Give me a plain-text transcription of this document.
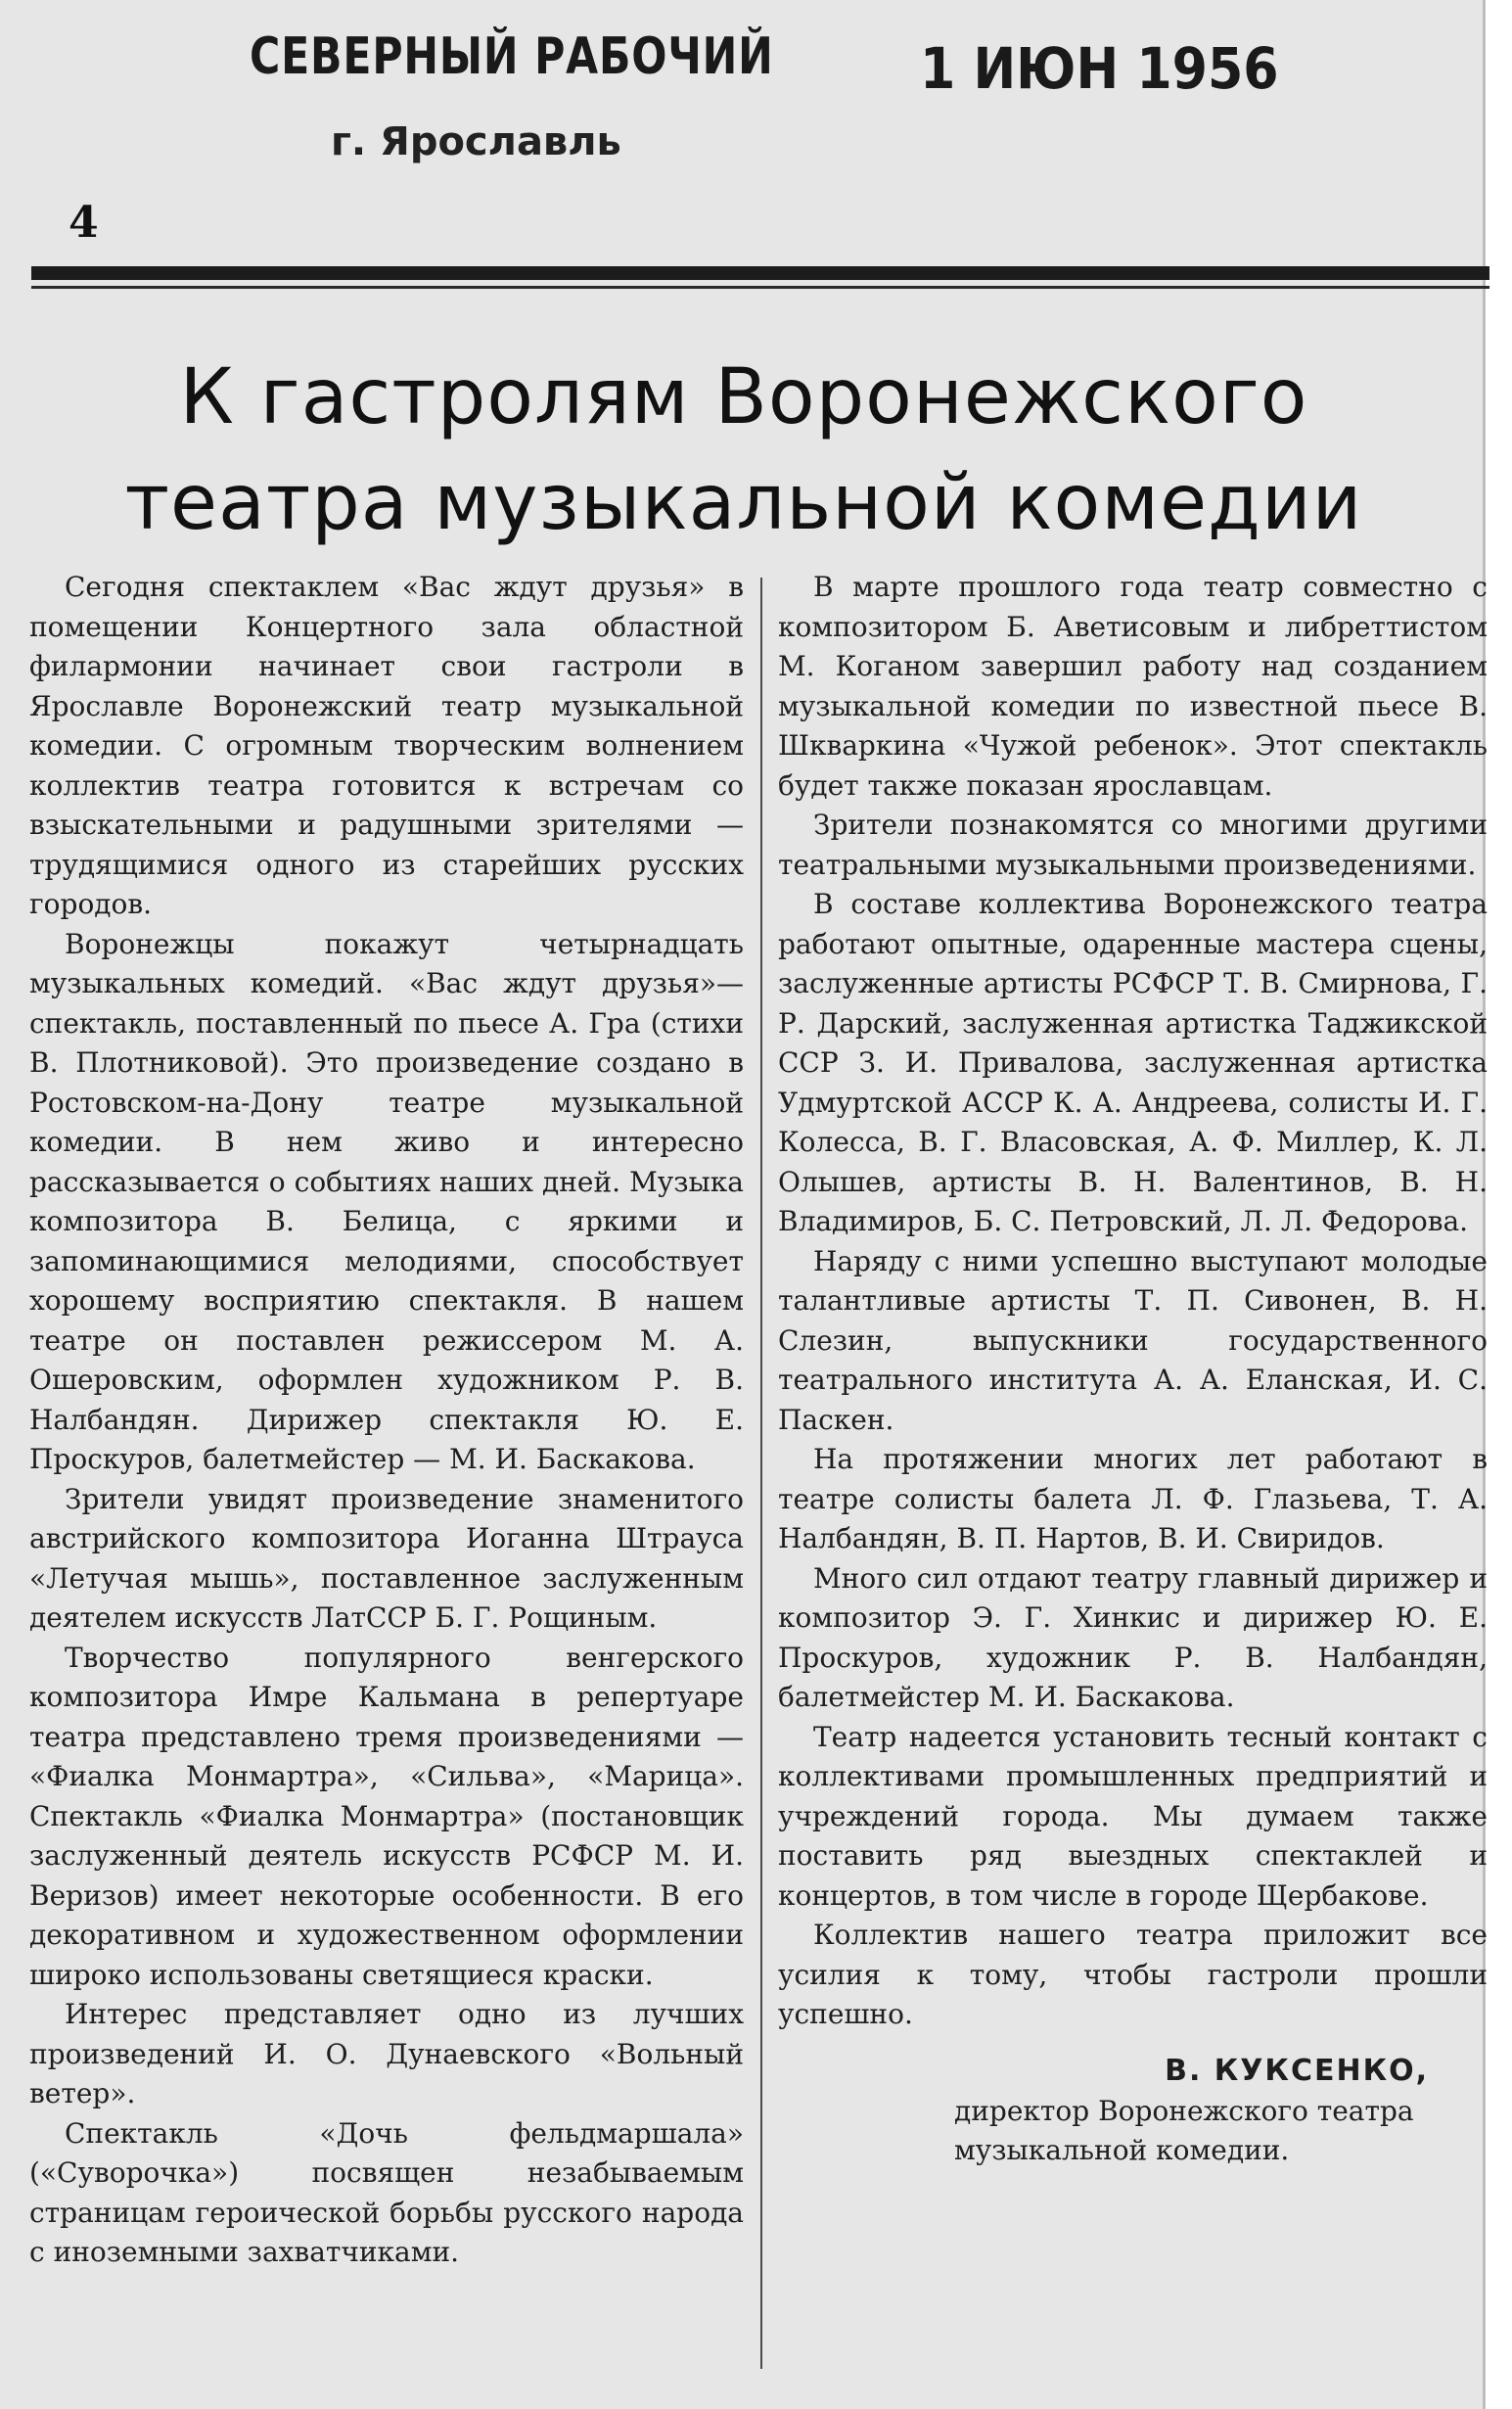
СЕВЕРНЫЙ РАБОЧИЙ
г. Ярославль
1 ИЮН 1956
4
К гастролям Воронежского
театра музыкальной комедии

Сегодня спектаклем «Вас ждут друзья» в помещении Концертного зала областной филармонии начинает свои гастроли в Ярославле Воронежский театр музыкальной комедии. С огромным творческим волнением коллектив театра готовится к встречам со взыскательными и радушными зрителями — трудящимися одного из старейших русских городов.

Воронежцы покажут четырнадцать музыкальных комедий. «Вас ждут друзья»— спектакль, поставленный по пьесе А. Гра (стихи В. Плотниковой). Это произведение создано в Ростовском-на-Дону театре музыкальной комедии. В нем живо и интересно рассказывается о событиях наших дней. Музыка композитора В. Белица, с яркими и запоминающимися мелодиями, способствует хорошему восприятию спектакля. В нашем театре он поставлен режиссером М. А. Ошеровским, оформлен художником Р. В. Налбандян. Дирижер спектакля Ю. Е. Проскуров, балетмейстер — М. И. Баскакова.

Зрители увидят произведение знаменитого австрийского композитора Иоганна Штрауса «Летучая мышь», поставленное заслуженным деятелем искусств ЛатССР Б. Г. Рощиным.

Творчество популярного венгерского композитора Имре Кальмана в репертуаре театра представлено тремя произведениями — «Фиалка Монмартра», «Сильва», «Марица». Спектакль «Фиалка Монмартра» (постановщик заслуженный деятель искусств РСФСР М. И. Веризов) имеет некоторые особенности. В его декоративном и художественном оформлении широко использованы светящиеся краски.

Интерес представляет одно из лучших произведений И. О. Дунаевского «Вольный ветер».

Спектакль «Дочь фельдмаршала» («Суворочка») посвящен незабываемым страницам героической борьбы русского народа с иноземными захватчиками.

В марте прошлого года театр совместно с композитором Б. Аветисовым и либреттистом М. Коганом завершил работу над созданием музыкальной комедии по известной пьесе В. Шкваркина «Чужой ребенок». Этот спектакль будет также показан ярославцам.

Зрители познакомятся со многими другими театральными музыкальными произведениями.

В составе коллектива Воронежского театра работают опытные, одаренные мастера сцены, заслуженные артисты РСФСР Т. В. Смирнова, Г. Р. Дарский, заслуженная артистка Таджикской ССР З. И. Привалова, заслуженная артистка Удмуртской АССР К. А. Андреева, солисты И. Г. Колесса, В. Г. Власовская, А. Ф. Миллер, К. Л. Олышев, артисты В. Н. Валентинов, В. Н. Владимиров, Б. С. Петровский, Л. Л. Федорова.

Наряду с ними успешно выступают молодые талантливые артисты Т. П. Сивонен, В. Н. Слезин, выпускники государственного театрального института А. А. Еланская, И. С. Паскен.

На протяжении многих лет работают в театре солисты балета Л. Ф. Глазьева, Т. А. Налбандян, В. П. Нартов, В. И. Свиридов.

Много сил отдают театру главный дирижер и композитор Э. Г. Хинкис и дирижер Ю. Е. Проскуров, художник Р. В. Налбандян, балетмейстер М. И. Баскакова.

Театр надеется установить тесный контакт с коллективами промышленных предприятий и учреждений города. Мы думаем также поставить ряд выездных спектаклей и концертов, в том числе в городе Щербакове.

Коллектив нашего театра приложит все усилия к тому, чтобы гастроли прошли успешно.

В. КУКСЕНКО,
директор Воронежского театра
музыкальной комедии.
